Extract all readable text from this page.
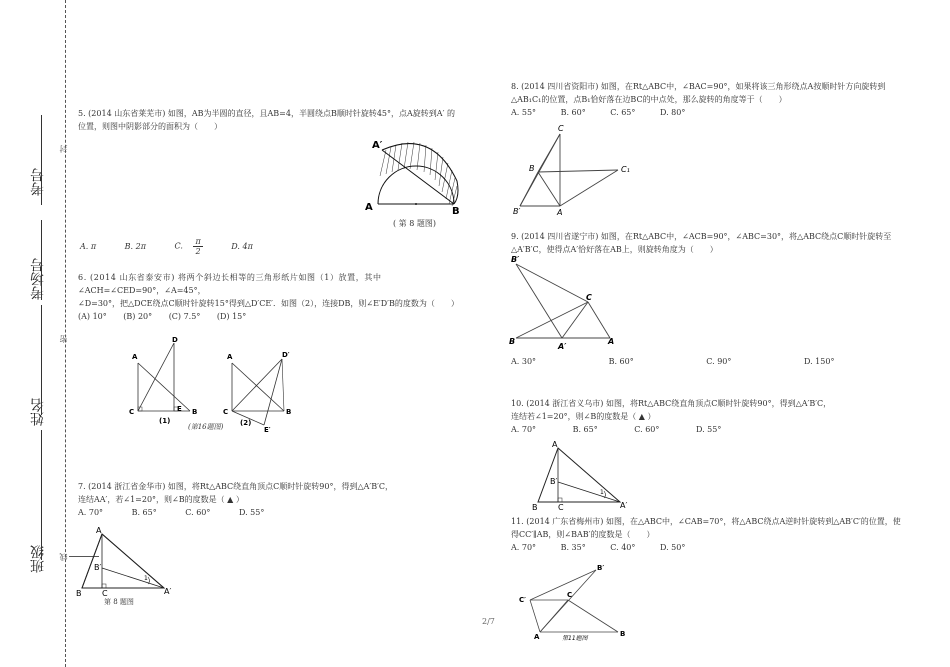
考号
考场号
姓名
班级
封
密
线
5. (2014 山东省莱芜市) 如图，AB为半圆的直径，且AB=4，半圆绕点B顺时针旋转45°，点A旋转到A′ 的
位置，则图中阴影部分的面积为（　　）
A′
A	B
( 第 8 题图)
A. π	B. 2π	C. $\frac{\pi}{2}$	D. 4π
6. (2014 山东省泰安市) 将两个斜边长相等的三角形纸片如图（1）放置，其中
∠ACH=∠CED=90°，∠A=45°，
∠D=30°，把△DCE绕点C顺时针旋转15°得到△D′CE′．如图（2），连接DB，则∠E′D′B的度数为（　　）
(A) 10° (B) 20° (C) 7.5° (D) 15°
A
D
C	E B
(1)
A	D′
C
E′
B
(2)
(第16题图)
7. (2014 浙江省金华市) 如图，将Rt△ABC绕直角顶点C顺时针旋转90°，得到△A′B′C，
连结AA′，若∠1=20°，则∠B的度数是（ ▲ ）
A. 70°	B. 65°	C. 60°	D. 55°
A
B′
B	C	A′
1
第 8 题图
8. (2014 四川省资阳市) 如图，在Rt△ABC中，∠BAC=90°，如果将该三角形绕点A按顺时针方向旋转到
△AB₁C₁的位置，点B₁恰好落在边BC的中点处，那么旋转的角度等于（　　）
A. 55°	B. 60°	C. 65°	D. 80°
C
B	C₁
B′	A
9. (2014 四川省遂宁市) 如图，在Rt△ABC中，∠ACB=90°，∠ABC=30°，将△ABC绕点C顺时针旋转至
△A′B′C，使得点A′恰好落在AB上，则旋转角度为（　　）
B′
C
B
A′
A
A. 30°	B. 60°	C. 90°	D. 150°
10. (2014 浙江省义乌市) 如图，将Rt△ABC绕直角顶点C顺时针旋转90°，得到△A′B′C，
连结若∠1=20°，则∠B的度数是（ ▲ ）
A. 70°	B. 65°	C. 60°	D. 55°
A
B′
B	C	A′
1
11. (2014 广东省梅州市) 如图，在△ABC中，∠CAB=70°，将△ABC绕点A逆时针旋转到△AB′C′的位置，使
得CC′∥AB，则∠BAB′的度数是（　　）
A. 70°	B. 35°	C. 40°	D. 50°
B′
C′
C
A	B
第11题图
2/7
